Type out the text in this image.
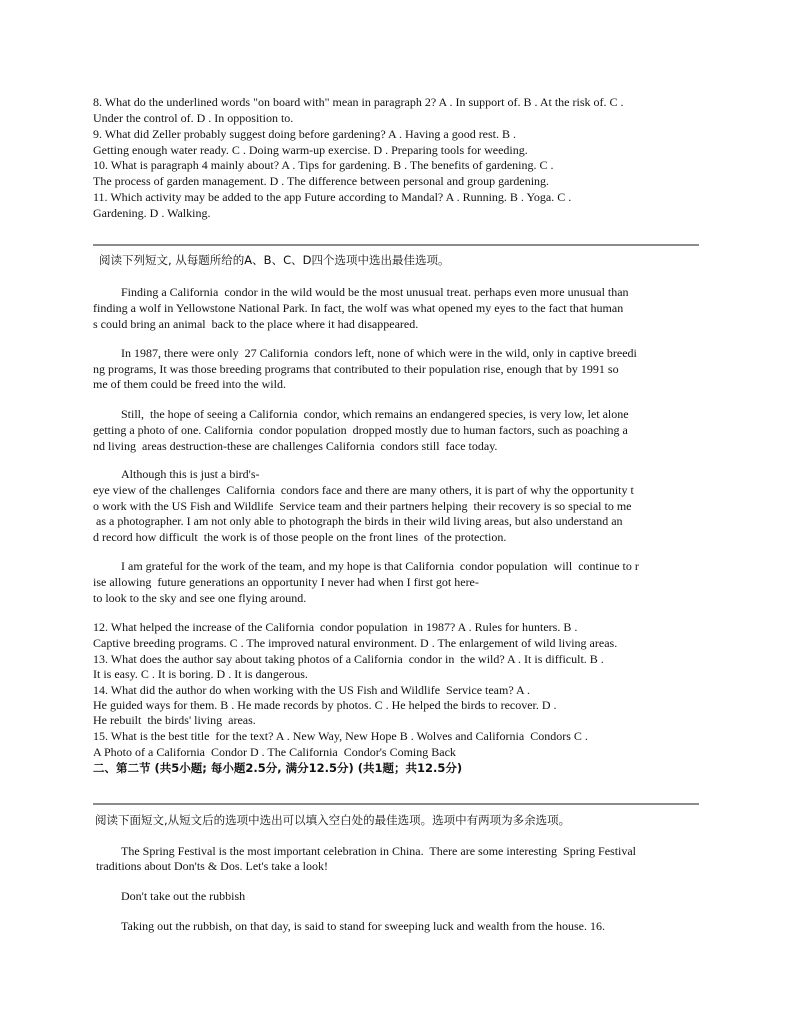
8. What do the underlined words "on board with" mean in paragraph 2? A . In support of. B . At the risk of. C .
Under the control of. D . In opposition to.
9. What did Zeller probably suggest doing before gardening? A . Having a good rest. B .
Getting enough water ready. C . Doing warm-up exercise. D . Preparing tools for weeding.
10. What is paragraph 4 mainly about? A . Tips for gardening. B . The benefits of gardening. C .
The process of garden management. D . The difference between personal and group gardening.
11. Which activity may be added to the app Future according to Mandal? A . Running. B . Yoga. C .
Gardening. D . Walking.
阅读下列短文, 从每题所给的A、B、C、D四个选项中选出最佳选项。
Finding a California  condor in the wild would be the most unusual treat. perhaps even more unusual than
finding a wolf in Yellowstone National Park. In fact, the wolf was what opened my eyes to the fact that human
s could bring an animal  back to the place where it had disappeared.
In 1987, there were only  27 California  condors left, none of which were in the wild, only in captive breedi
ng programs, It was those breeding programs that contributed to their population rise, enough that by 1991 so
me of them could be freed into the wild.
Still,  the hope of seeing a California  condor, which remains an endangered species, is very low, let alone
getting a photo of one. California  condor population  dropped mostly due to human factors, such as poaching a
nd living  areas destruction-these are challenges California  condors still  face today.
Although this is just a bird's-
eye view of the challenges  California  condors face and there are many others, it is part of why the opportunity t
o work with the US Fish and Wildlife  Service team and their partners helping  their recovery is so special to me
as a photographer. I am not only able to photograph the birds in their wild living areas, but also understand an
d record how difficult  the work is of those people on the front lines  of the protection.
I am grateful for the work of the team, and my hope is that California  condor population  will  continue to r
ise allowing  future generations an opportunity I never had when I first got here-
to look to the sky and see one flying around.
12. What helped the increase of the California  condor population  in 1987? A . Rules for hunters. B .
Captive breeding programs. C . The improved natural environment. D . The enlargement of wild living areas.
13. What does the author say about taking photos of a California  condor in  the wild? A . It is difficult. B .
It is easy. C . It is boring. D . It is dangerous.
14. What did the author do when working with the US Fish and Wildlife  Service team? A .
He guided ways for them. B . He made records by photos. C . He helped the birds to recover. D .
He rebuilt  the birds' living  areas.
15. What is the best title  for the text? A . New Way, New Hope B . Wolves and California  Condors C .
A Photo of a California  Condor D . The California  Condor's Coming Back
二、第二节 (共5小题; 每小题2.5分, 满分12.5分) (共1题；共12.5分)
阅读下面短文,从短文后的选项中选出可以填入空白处的最佳选项。选项中有两项为多余选项。
The Spring Festival is the most important celebration in China.  There are some interesting  Spring Festival
traditions about Don'ts & Dos. Let's take a look!
Don't take out the rubbish
Taking out the rubbish, on that day, is said to stand for sweeping luck and wealth from the house. 16.
